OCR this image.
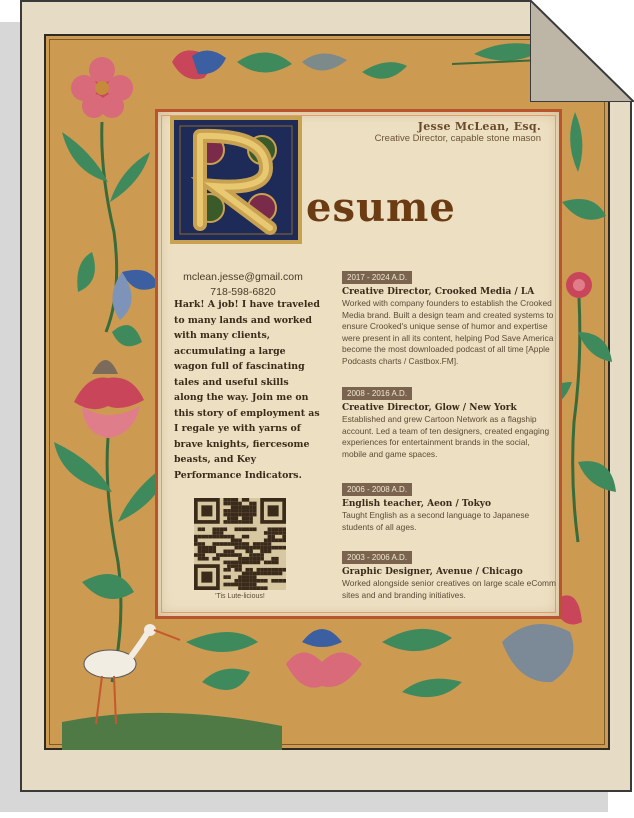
Jesse McLean, Esq.
Creative Director, capable stone mason
esume
mclean.jesse@gmail.com
718-598-6820
Hark! A job! I have traveled to many lands and worked with many clients, accumulating a large wagon full of fascinating tales and useful skills along the way. Join me on this story of employment as I regale ye with yarns of brave knights, fiercesome beasts, and Key Performance Indicators.
'Tis Lute-licious!
2017 - 2024 A.D.
Creative Director, Crooked Media / LA
Worked with company founders to establish the Crooked Media brand. Built a design team and created systems to ensure Crooked's unique sense of humor and expertise were present in all its content, helping Pod Save America become the most downloaded podcast of all time [Apple Podcasts charts / Castbox.FM].
2008 - 2016 A.D.
Creative Director, Glow / New York
Established and grew Cartoon Network as a flagship account. Led a team of ten designers, created engaging experiences for entertainment brands in the social, mobile and game spaces.
2006 - 2008 A.D.
English teacher, Aeon / Tokyo
Taught English as a second language to Japanese students of all ages.
2003 - 2006 A.D.
Graphic Designer, Avenue / Chicago
Worked alongside senior creatives on large scale eComm sites and and branding initiatives.
